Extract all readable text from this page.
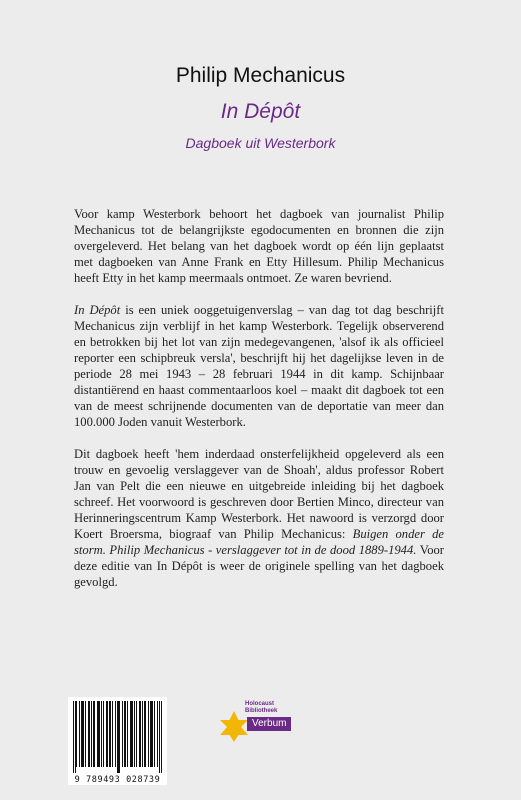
Philip Mechanicus
In Dépôt
Dagboek uit Westerbork

Voor kamp Westerbork behoort het dagboek van journalist Philip Mechanicus tot de belangrijkste egodocumenten en bronnen die zijn overgeleverd. Het belang van het dagboek wordt op één lijn geplaatst met dagboeken van Anne Frank en Etty Hillesum. Philip Mechanicus heeft Etty in het kamp meermaals ontmoet. Ze waren bevriend.

In Dépôt is een uniek ooggetuigenverslag – van dag tot dag beschrijft Mechanicus zijn verblijf in het kamp Westerbork. Tegelijk observerend en betrokken bij het lot van zijn medegevangenen, 'alsof ik als officieel reporter een schipbreuk versla', beschrijft hij het dagelijkse leven in de periode 28 mei 1943 – 28 februari 1944 in dit kamp. Schijnbaar distantiërend en haast commentaarloos koel – maakt dit dagboek tot een van de meest schrijnende documenten van de deportatie van meer dan 100.000 Joden vanuit Westerbork.

Dit dagboek heeft 'hem inderdaad onsterfelijkheid opgeleverd als een trouw en gevoelig verslaggever van de Shoah', aldus professor Robert Jan van Pelt die een nieuwe en uitgebreide inleiding bij het dagboek schreef. Het voorwoord is geschreven door Bertien Minco, directeur van Herinneringscentrum Kamp Westerbork. Het nawoord is verzorgd door Koert Broersma, biograaf van Philip Mechanicus: Buigen onder de storm. Philip Mechanicus - verslaggever tot in de dood 1889-1944. Voor deze editie van In Dépôt is weer de originele spelling van het dagboek gevolgd.

9 789493 028739
Holocaust Bibliotheek
Verbum
